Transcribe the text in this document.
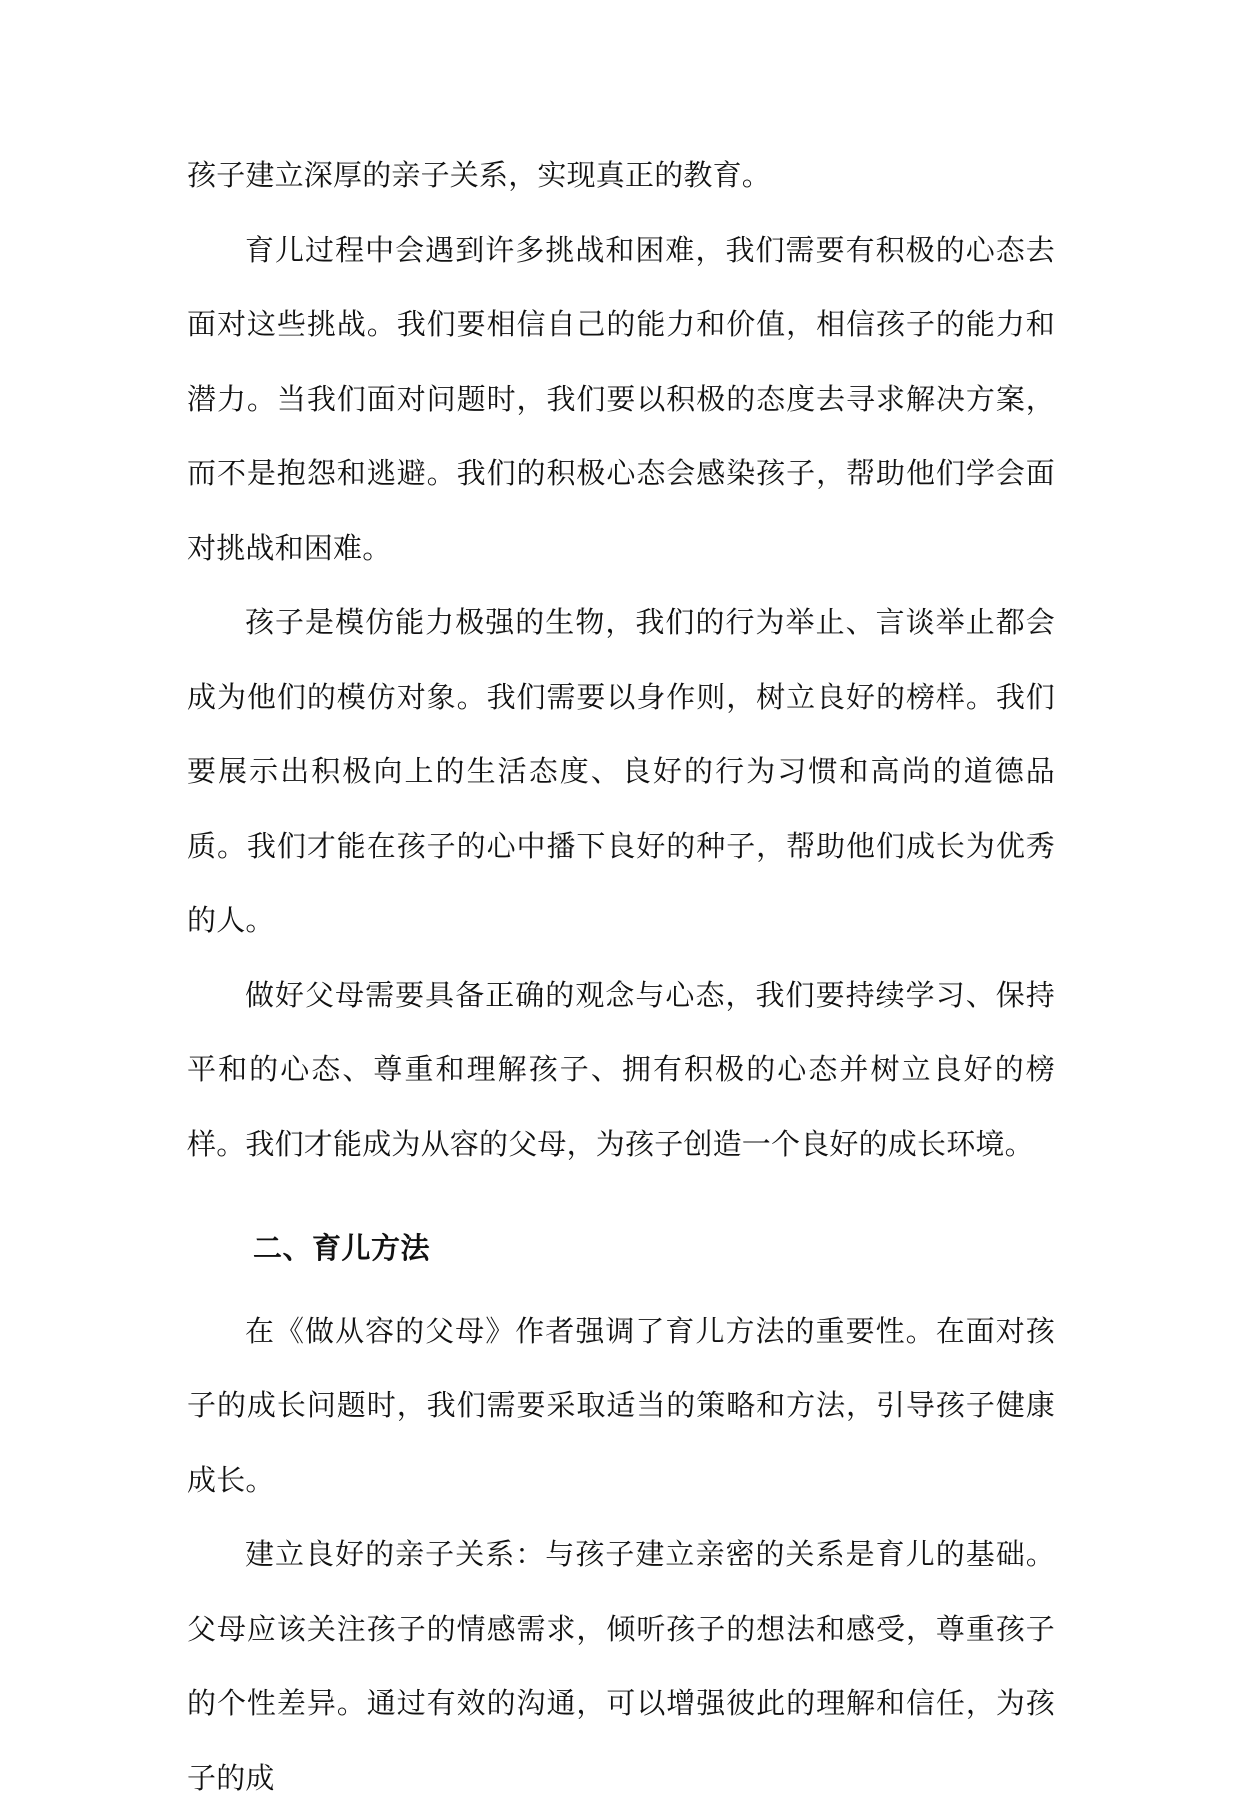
孩子建立深厚的亲子关系，实现真正的教育。

育儿过程中会遇到许多挑战和困难，我们需要有积极的心态去面对这些挑战。我们要相信自己的能力和价值，相信孩子的能力和潜力。当我们面对问题时，我们要以积极的态度去寻求解决方案，而不是抱怨和逃避。我们的积极心态会感染孩子，帮助他们学会面对挑战和困难。

孩子是模仿能力极强的生物，我们的行为举止、言谈举止都会成为他们的模仿对象。我们需要以身作则，树立良好的榜样。我们要展示出积极向上的生活态度、良好的行为习惯和高尚的道德品质。我们才能在孩子的心中播下良好的种子，帮助他们成长为优秀的人。

做好父母需要具备正确的观念与心态，我们要持续学习、保持平和的心态、尊重和理解孩子、拥有积极的心态并树立良好的榜样。我们才能成为从容的父母，为孩子创造一个良好的成长环境。

二、育儿方法

在《做从容的父母》作者强调了育儿方法的重要性。在面对孩子的成长问题时，我们需要采取适当的策略和方法，引导孩子健康成长。

建立良好的亲子关系：与孩子建立亲密的关系是育儿的基础。父母应该关注孩子的情感需求，倾听孩子的想法和感受，尊重孩子的个性差异。通过有效的沟通，可以增强彼此的理解和信任，为孩子的成
